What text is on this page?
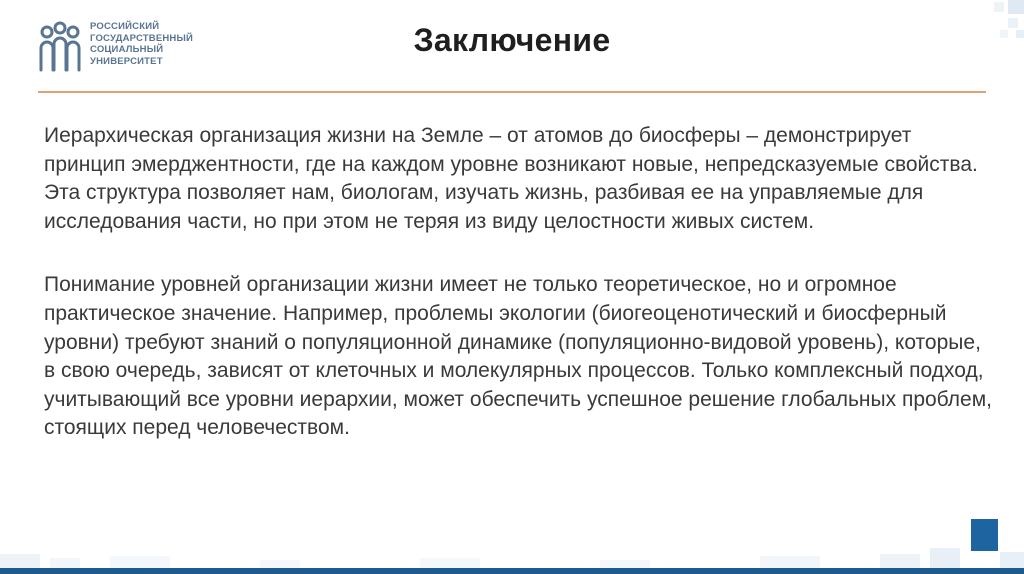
РОССИЙСКИЙ
ГОСУДАРСТВЕННЫЙ
СОЦИАЛЬНЫЙ
УНИВЕРСИТЕТ
Заключение

Иерархическая организация жизни на Земле – от атомов до биосферы – демонстрирует принцип эмерджентности, где на каждом уровне возникают новые, непредсказуемые свойства. Эта структура позволяет нам, биологам, изучать жизнь, разбивая ее на управляемые для исследования части, но при этом не теряя из виду целостности живых систем.

Понимание уровней организации жизни имеет не только теоретическое, но и огромное практическое значение. Например, проблемы экологии (биогеоценотический и биосферный уровни) требуют знаний о популяционной динамике (популяционно-видовой уровень), которые, в свою очередь, зависят от клеточных и молекулярных процессов. Только комплексный подход, учитывающий все уровни иерархии, может обеспечить успешное решение глобальных проблем, стоящих перед человечеством.
